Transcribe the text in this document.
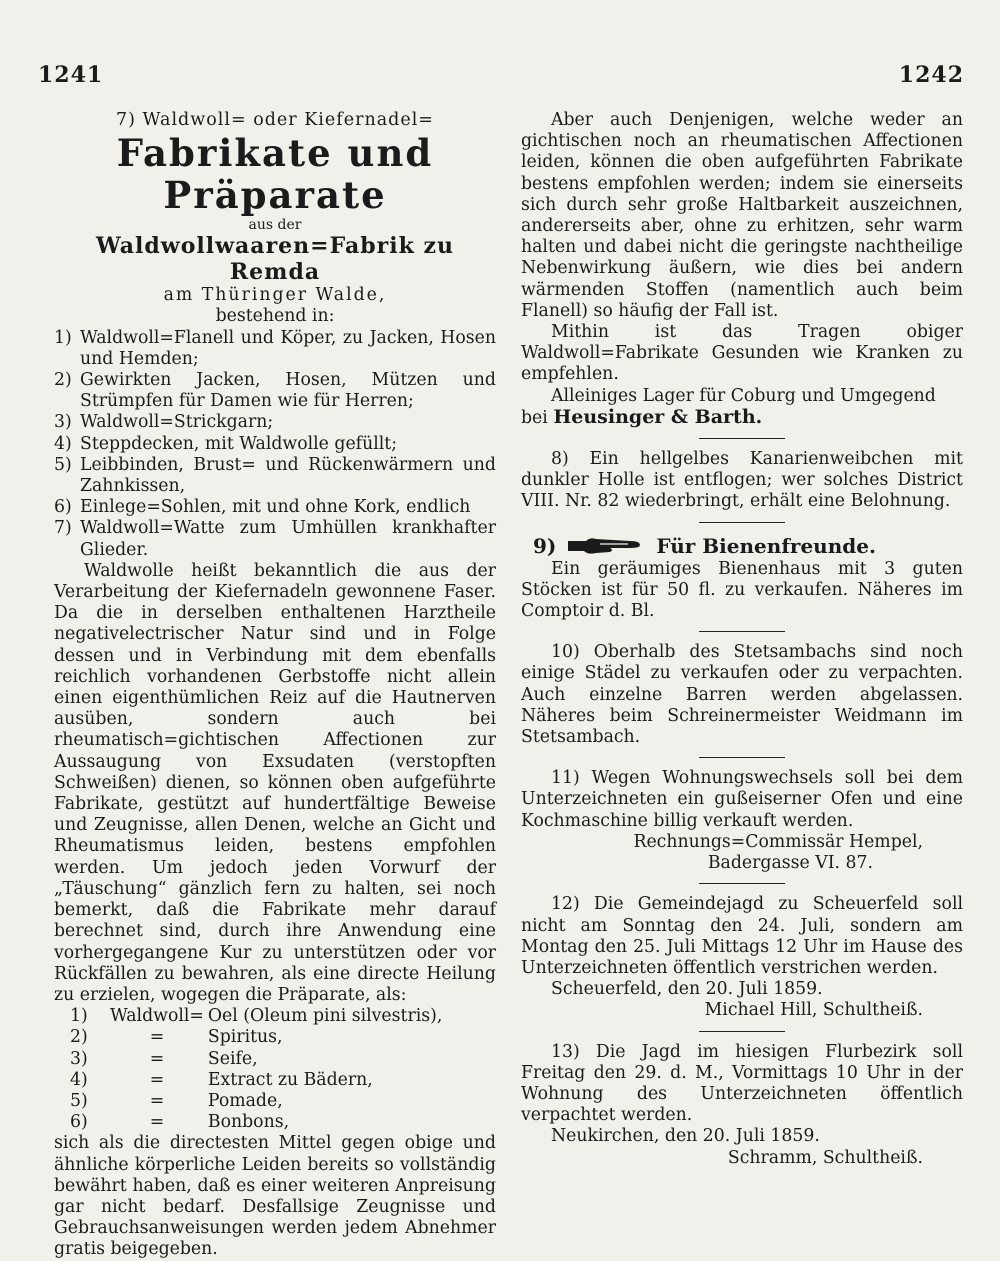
1241	1242
7) Waldwoll= oder Kiefernadel=
Fabrikate und Präparate
aus der
Waldwollwaaren=Fabrik zu Remda
am Thüringer Walde,
bestehend in:
1) Waldwoll=Flanell und Köper, zu Jacken, Hosen und Hemden;
2) Gewirkten Jacken, Hosen, Mützen und Strümpfen für Damen wie für Herren;
3) Waldwoll=Strickgarn;
4) Steppdecken, mit Waldwolle gefüllt;
5) Leibbinden, Brust= und Rückenwärmern und Zahnkissen,
6) Einlege=Sohlen, mit und ohne Kork, endlich
7) Waldwoll=Watte zum Umhüllen krankhafter Glieder.

Waldwolle heißt bekanntlich die aus der Verarbeitung der Kiefernadeln gewonnene Faser. Da die in derselben enthaltenen Harztheile negativelectrischer Natur sind und in Folge dessen und in Verbindung mit dem ebenfalls reichlich vorhandenen Gerbstoffe nicht allein einen eigenthümlichen Reiz auf die Hautnerven ausüben, sondern auch bei rheumatisch=gichtischen Affectionen zur Aussaugung von Exsudaten (verstopften Schweißen) dienen, so können oben aufgeführte Fabrikate, gestützt auf hundertfältige Beweise und Zeugnisse, allen Denen, welche an Gicht und Rheumatismus leiden, bestens empfohlen werden. Um jedoch jeden Vorwurf der „Täuschung“ gänzlich fern zu halten, sei noch bemerkt, daß die Fabrikate mehr darauf berechnet sind, durch ihre Anwendung eine vorhergegangene Kur zu unterstützen oder vor Rückfällen zu bewahren, als eine directe Heilung zu erzielen, wogegen die Präparate, als:

1)	Waldwoll=	Oel (Oleum pini silvestris),
2)	=	Spiritus,
3)	=	Seife,
4)	=	Extract zu Bädern,
5)	=	Pomade,
6)	=	Bonbons,

sich als die directesten Mittel gegen obige und ähnliche körperliche Leiden bereits so vollständig bewährt haben, daß es einer weiteren Anpreisung gar nicht bedarf. Desfallsige Zeugnisse und Gebrauchsanweisungen werden jedem Abnehmer gratis beigegeben.

Aber auch Denjenigen, welche weder an gichtischen noch an rheumatischen Affectionen leiden, können die oben aufgeführten Fabrikate bestens empfohlen werden; indem sie einerseits sich durch sehr große Haltbarkeit auszeichnen, andererseits aber, ohne zu erhitzen, sehr warm halten und dabei nicht die geringste nachtheilige Nebenwirkung äußern, wie dies bei andern wärmenden Stoffen (namentlich auch beim Flanell) so häufig der Fall ist.

Mithin ist das Tragen obiger Waldwoll=Fabrikate Gesunden wie Kranken zu empfehlen.

Alleiniges Lager für Coburg und Umgegend

bei Heusinger & Barth.

8) Ein hellgelbes Kanarienweibchen mit dunkler Holle ist entflogen; wer solches District VIII. Nr. 82 wiederbringt, erhält eine Belohnung.

9)	Für Bienenfreunde.

Ein geräumiges Bienenhaus mit 3 guten Stöcken ist für 50 fl. zu verkaufen. Näheres im Comptoir d. Bl.

10) Oberhalb des Stetsambachs sind noch einige Städel zu verkaufen oder zu verpachten. Auch einzelne Barren werden abgelassen. Näheres beim Schreinermeister Weidmann im Stetsambach.

11) Wegen Wohnungswechsels soll bei dem Unterzeichneten ein gußeiserner Ofen und eine Kochmaschine billig verkauft werden.

Rechnungs=Commissär Hempel,
Badergasse VI. 87.

12) Die Gemeindejagd zu Scheuerfeld soll nicht am Sonntag den 24. Juli, sondern am Montag den 25. Juli Mittags 12 Uhr im Hause des Unterzeichneten öffentlich verstrichen werden.

Scheuerfeld, den 20. Juli 1859.

Michael Hill, Schultheiß.

13) Die Jagd im hiesigen Flurbezirk soll Freitag den 29. d. M., Vormittags 10 Uhr in der Wohnung des Unterzeichneten öffentlich verpachtet werden.

Neukirchen, den 20. Juli 1859.

Schramm, Schultheiß.
